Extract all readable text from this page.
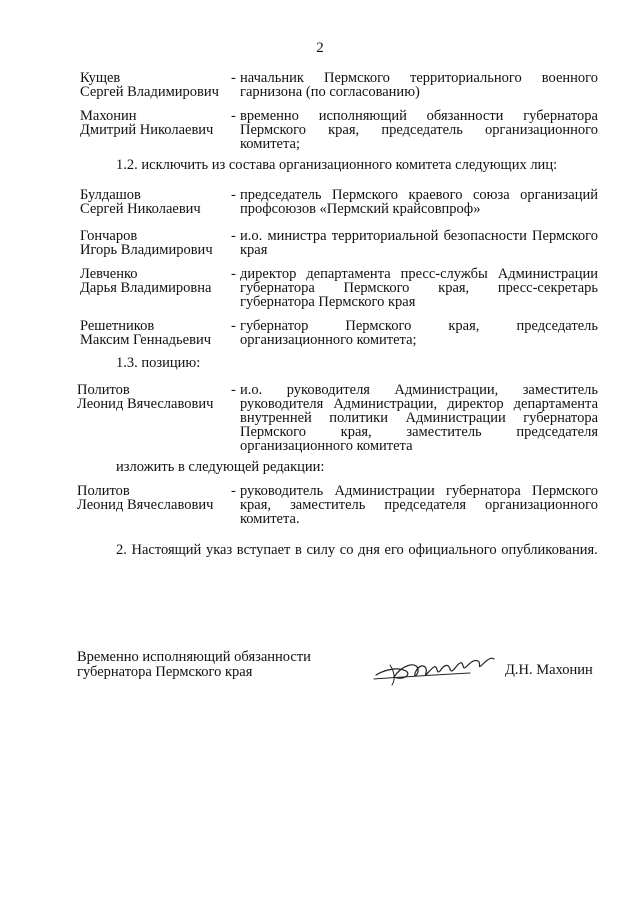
2
Кущев
Сергей Владимирович
- начальник Пермского территориального военного гарнизона (по согласованию)
Махонин
Дмитрий Николаевич
- временно исполняющий обязанности губернатора Пермского края, председатель организационного комитета;
1.2. исключить из состава организационного комитета следующих лиц:
Булдашов
Сергей Николаевич
- председатель Пермского краевого союза организаций профсоюзов «Пермский крайсовпроф»
Гончаров
Игорь Владимирович
- и.о. министра территориальной безопасности Пермского края
Левченко
Дарья Владимировна
- директор департамента пресс-службы Администрации губернатора Пермского края, пресс-секретарь губернатора Пермского края
Решетников
Максим Геннадьевич
- губернатор Пермского края, председатель организационного комитета;
1.3. позицию:
Политов
Леонид Вячеславович
- и.о. руководителя Администрации, заместитель руководителя Администрации, директор департамента внутренней политики Администрации губернатора Пермского края, заместитель председателя организационного комитета
изложить в следующей редакции:
Политов
Леонид Вячеславович
- руководитель Администрации губернатора Пермского края, заместитель председателя организационного комитета.
2. Настоящий указ вступает в силу со дня его официального опубликования.
Временно исполняющий обязанности
губернатора Пермского края	Д.Н. Махонин
